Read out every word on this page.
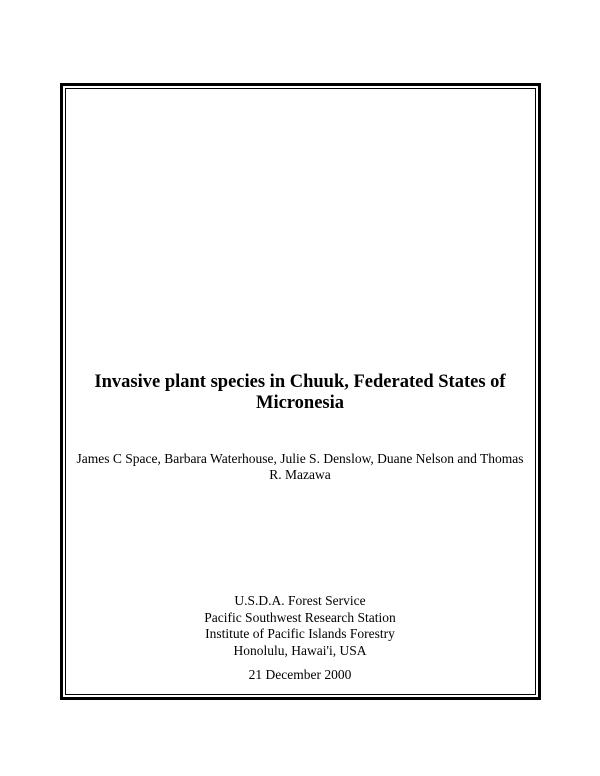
Invasive plant species in Chuuk, Federated States of Micronesia

James C Space, Barbara Waterhouse, Julie S. Denslow, Duane Nelson and Thomas R. Mazawa

U.S.D.A. Forest Service
Pacific Southwest Research Station
Institute of Pacific Islands Forestry
Honolulu, Hawai'i, USA
21 December 2000
